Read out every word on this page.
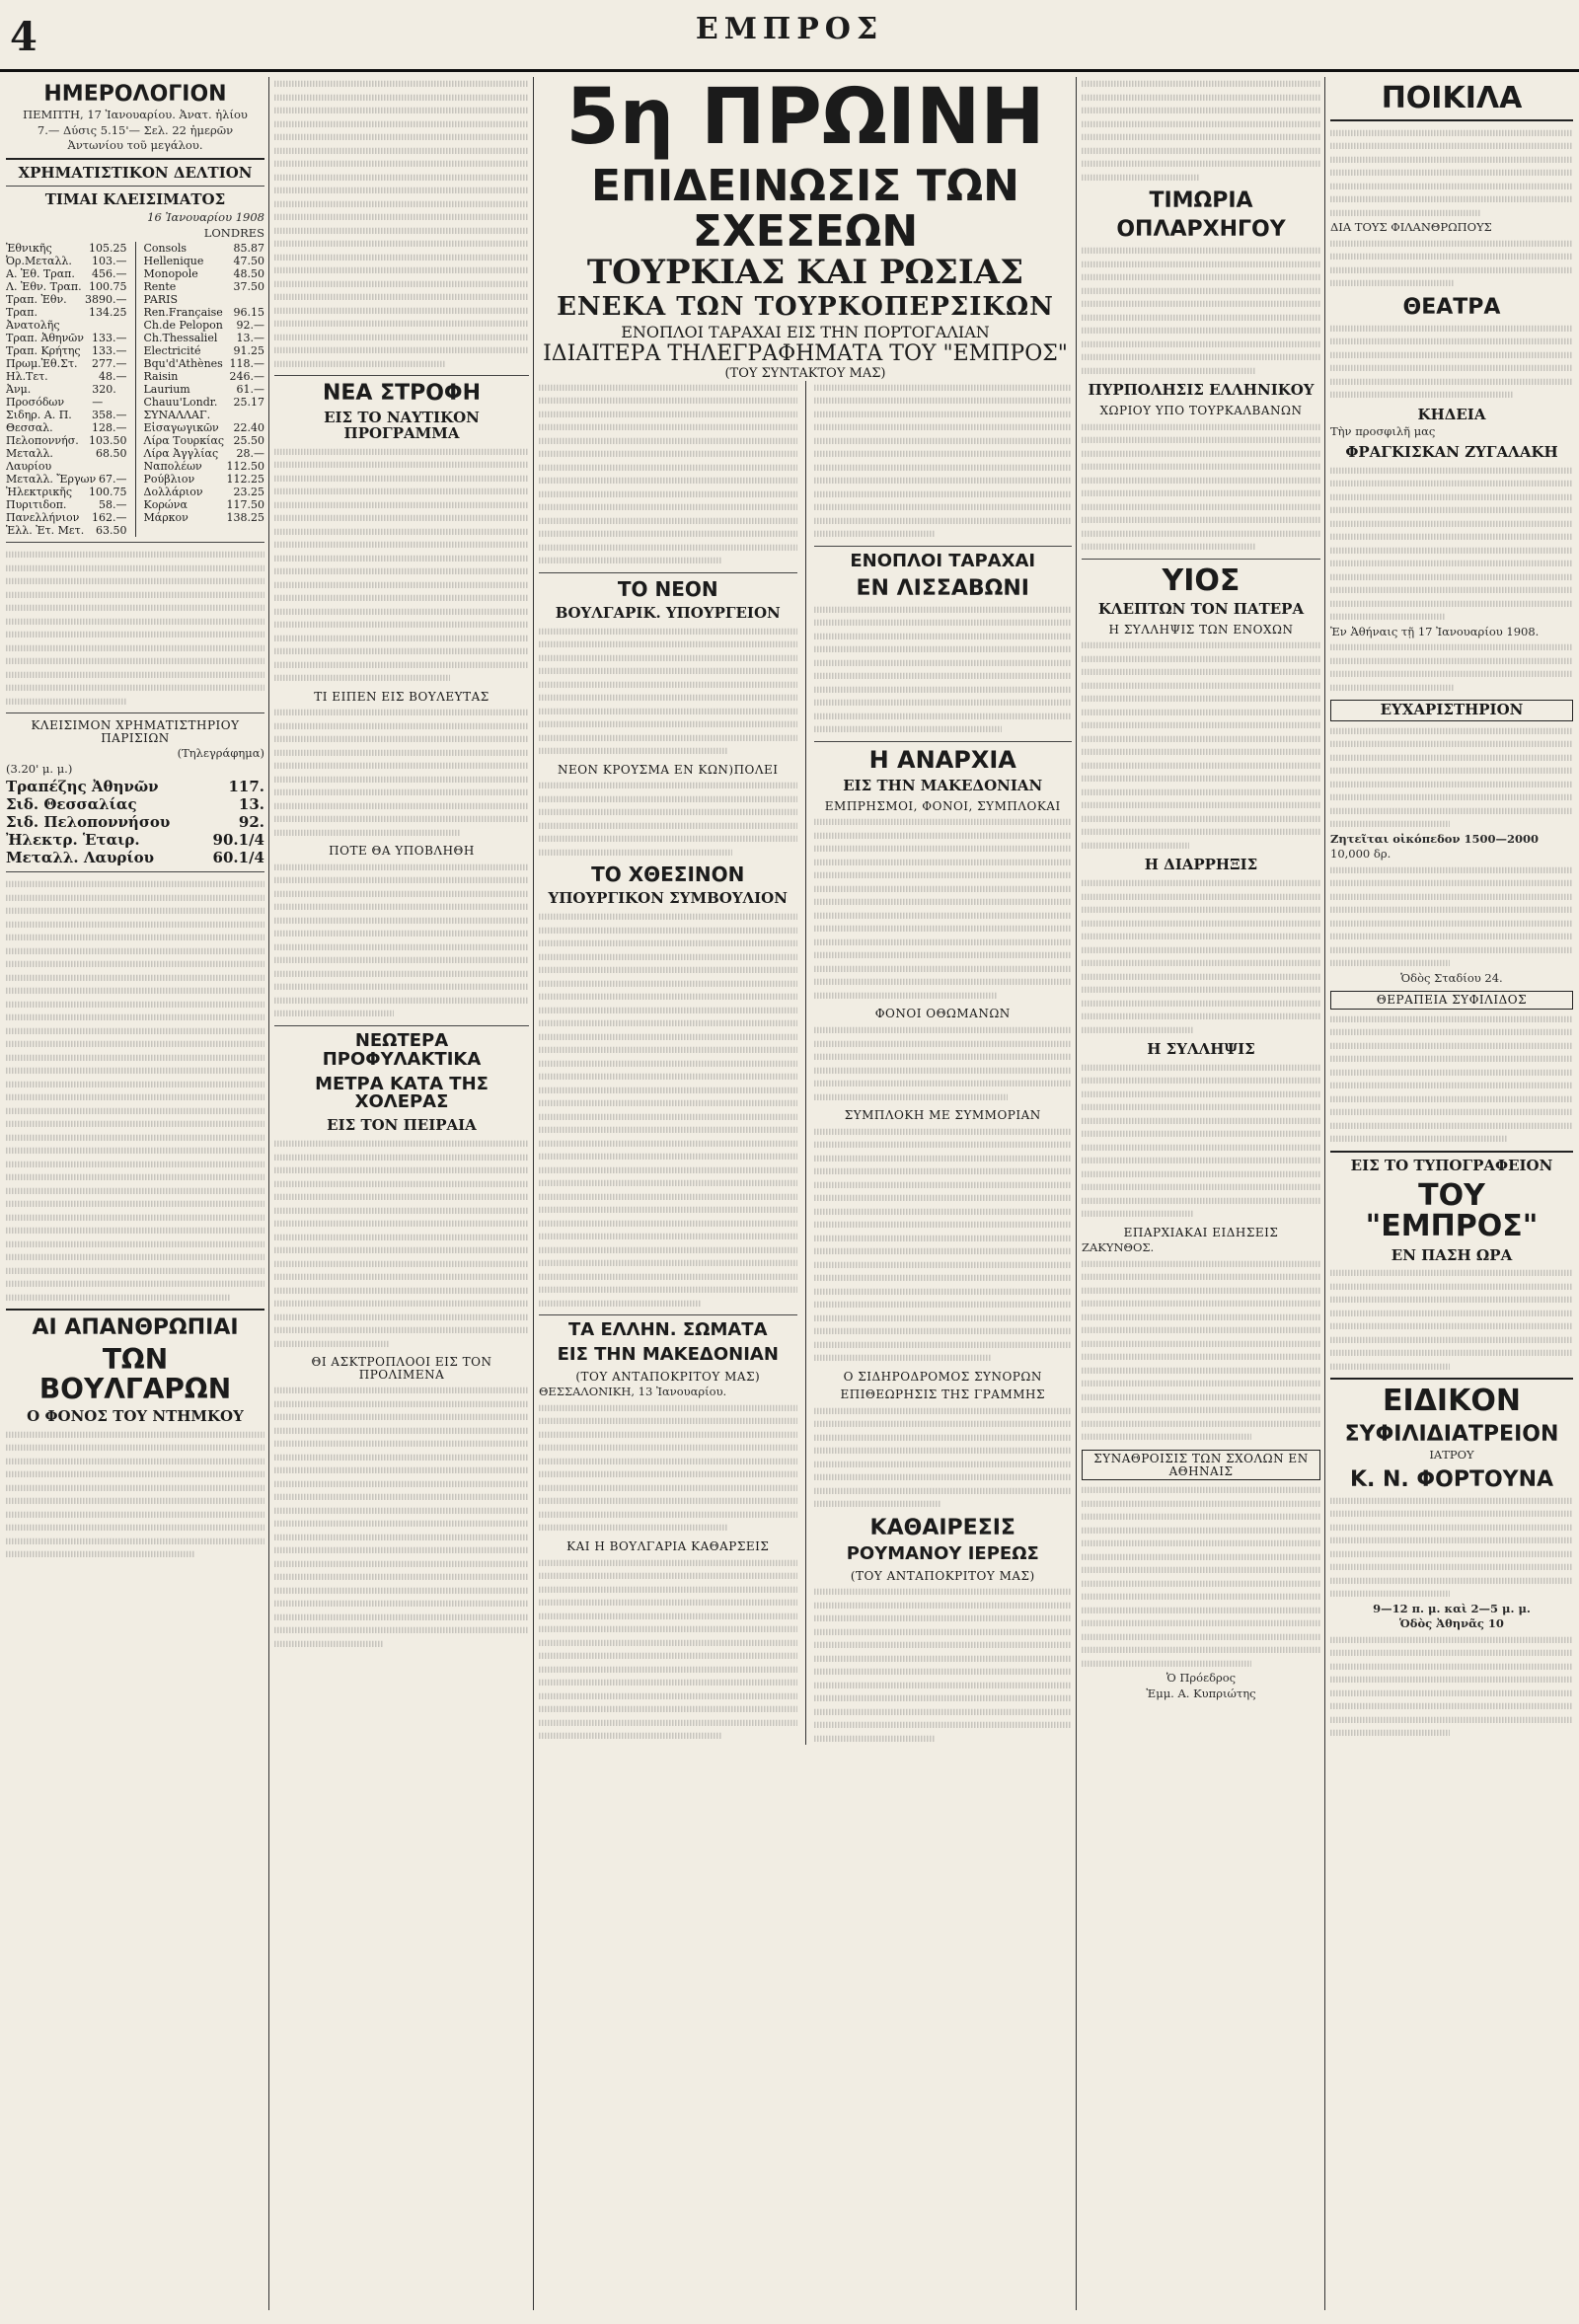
4	ΕΜΠΡΟΣ
ΗΜΕΡΟΛΟΓΙΟΝ
ΠΕΜΠΤΗ, 17 Ἰανουαρίου. Ἀνατ. ἡλίου
7.— Δύσις 5.15'— Σελ. 22 ἡμερῶν
Ἀντωνίου τοῦ μεγάλου.
ΧΡΗΜΑΤΙΣΤΙΚΟΝ ΔΕΛΤΙΟΝ
ΤΙΜΑΙ ΚΛΕΙΣΙΜΑΤΟΣ
16 Ἰανουαρίου 1908
LONDRES
Ἐθνικῆς	105.25
Ὀρ.Μεταλλ. 103.—
Α. Ἐθ. Τραπ. 456.—
Λ. Ἐθν. Τραπ. 100.75
Τραπ. Ἐθν. 3890.—
Τραπ. Ἀνατολῆς
134.25
Τραπ. Ἀθηνῶν 133.—
Τραπ. Κρήτης 133.—
Πρωμ.Ἐθ.Στ. 277.—
Ηλ.Τετ.	48.—
Ἀνμ. Προσόδων
320.—
Σιδηρ. Α. Π. 358.—
Θεσσαλ.	128.—
Πελοποννήσ. 103.50
Μεταλλ. Λαυρίου
68.50
Μεταλλ. Ἔργων 67.—
Ἠλεκτρικῆς 100.75
Πυριτιδοπ.	58.—
Πανελλήνιον 162.—
Ἑλλ. Ἐτ. Μετ. 63.50
Consols	85.87
Hellenique	47.50
Monopole	48.50
Rente	37.50
PARIS
Ren.Française 96.15
Ch.de Pelopon 92.—
Ch.Thessaliel 13.—
Electricité	91.25
Bqu'd'Athènes 118.—
Raisin	246.—
Laurium	61.—
Chauu'Londr. 25.17
ΣΥΝΑΛΛΑΓ.
Εἰσαγωγικῶν 22.40
Λίρα Τουρκίας 25.50
Λίρα Ἀγγλίας 28.—
Ναπολέων 112.50
Ρούβλιον	112.25
Δολλάριον	23.25
Κορώνα	117.50
Μάρκον	138.25
ΚΛΕΙΣΙΜΟΝ ΧΡΗΜΑΤΙΣΤΗΡΙΟΥ ΠΑΡΙΣΙΩΝ
(Τηλεγράφημα)
(3.20' μ. μ.)
Τραπέζης Ἀθηνῶν	117.
Σιδ. Θεσσαλίας	13.
Σιδ. Πελοποννήσου	92.
Ἠλεκτρ. Ἑταιρ.	90.1/4
Μεταλλ. Λαυρίου	60.1/4
ΑΙ ΑΠΑΝΘΡΩΠΙΑΙ
ΤΩΝ ΒΟΥΛΓΑΡΩΝ
Ο ΦΟΝΟΣ ΤΟΥ ΝΤΗΜΚΟΥ
ΝΕΑ ΣΤΡΟΦΗ
ΕΙΣ ΤΟ ΝΑΥΤΙΚΟΝ ΠΡΟΓΡΑΜΜΑ
ΤΙ ΕΙΠΕΝ ΕΙΣ ΒΟΥΛΕΥΤΑΣ
ΠΟΤΕ ΘΑ ΥΠΟΒΛΗΘΗ
ΝΕΩΤΕΡΑ ΠΡΟΦΥΛΑΚΤΙΚΑ
ΜΕΤΡΑ ΚΑΤΑ ΤΗΣ ΧΟΛΕΡΑΣ
ΕΙΣ ΤΟΝ ΠΕΙΡΑΙΑ
ΘΙ ΑΣΚΤΡΟΠΛΟΟΙ ΕΙΣ ΤΟΝ ΠΡΟΛΙΜΕΝΑ
5η ΠΡΩΙΝΗ
ΕΠΙΔΕΙΝΩΣΙΣ ΤΩΝ ΣΧΕΣΕΩΝ
ΤΟΥΡΚΙΑΣ ΚΑΙ ΡΩΣΙΑΣ
ΕΝΕΚΑ ΤΩΝ ΤΟΥΡΚΟΠΕΡΣΙΚΩΝ
ΕΝΟΠΛΟΙ ΤΑΡΑΧΑΙ ΕΙΣ ΤΗΝ ΠΟΡΤΟΓΑΛΙΑΝ
ΙΔΙΑΙΤΕΡΑ ΤΗΛΕΓΡΑΦΗΜΑΤΑ ΤΟΥ "ΕΜΠΡΟΣ"
(ΤΟΥ ΣΥΝΤΑΚΤΟΥ ΜΑΣ)
ΤΟ ΝΕΟΝ
ΒΟΥΛΓΑΡΙΚ. ΥΠΟΥΡΓΕΙΟΝ
ΝΕΟΝ ΚΡΟΥΣΜΑ ΕΝ ΚΩΝ)ΠΟΛΕΙ
ΤΟ ΧΘΕΣΙΝΟΝ
ΥΠΟΥΡΓΙΚΟΝ ΣΥΜΒΟΥΛΙΟΝ
ΤΑ ΕΛΛΗΝ. ΣΩΜΑΤΑ
ΕΙΣ ΤΗΝ ΜΑΚΕΔΟΝΙΑΝ
(ΤΟΥ ΑΝΤΑΠΟΚΡΙΤΟΥ ΜΑΣ)
ΘΕΣΣΑΛΟΝΙΚΗ, 13 Ἰανουαρίου.
ΚΑΙ Η ΒΟΥΛΓΑΡΙΑ ΚΑΘΑΡΣΕΙΣ
ΕΝΟΠΛΟΙ ΤΑΡΑΧΑΙ
ΕΝ ΛΙΣΣΑΒΩΝΙ
Η ΑΝΑΡΧΙΑ
ΕΙΣ ΤΗΝ ΜΑΚΕΔΟΝΙΑΝ
ΕΜΠΡΗΣΜΟΙ, ΦΟΝΟΙ, ΣΥΜΠΛΟΚΑΙ
ΦΟΝΟΙ ΟΘΩΜΑΝΩΝ
ΣΥΜΠΛΟΚΗ ΜΕ ΣΥΜΜΟΡΙΑΝ
Ο ΣΙΔΗΡΟΔΡΟΜΟΣ ΣΥΝΟΡΩΝ
ΕΠΙΘΕΩΡΗΣΙΣ ΤΗΣ ΓΡΑΜΜΗΣ
ΚΑΘΑΙΡΕΣΙΣ
ΡΟΥΜΑΝΟΥ ΙΕΡΕΩΣ
(ΤΟΥ ΑΝΤΑΠΟΚΡΙΤΟΥ ΜΑΣ)
ΤΙΜΩΡΙΑ
ΟΠΛΑΡΧΗΓΟΥ
ΠΥΡΠΟΛΗΣΙΣ ΕΛΛΗΝΙΚΟΥ
ΧΩΡΙΟΥ ΥΠΟ ΤΟΥΡΚΑΛΒΑΝΩΝ
ΥΙΟΣ
ΚΛΕΠΤΩΝ ΤΟΝ ΠΑΤΕΡΑ
Η ΣΥΛΛΗΨΙΣ ΤΩΝ ΕΝΟΧΩΝ
Η ΔΙΑΡΡΗΞΙΣ
Η ΣΥΛΛΗΨΙΣ
ΕΠΑΡΧΙΑΚΑΙ ΕΙΔΗΣΕΙΣ
ΖΑΚΥΝΘΟΣ.
ΣΥΝΑΘΡΟΙΣΙΣ ΤΩΝ ΣΧΟΛΩΝ ΕΝ ΑΘΗΝΑΙΣ
Ὁ Πρόεδρος
Ἐμμ. Α. Κυπριώτης
ΠΟΙΚΙΛΑ
ΔΙΑ ΤΟΥΣ ΦΙΛΑΝΘΡΩΠΟΥΣ
ΘΕΑΤΡΑ
ΚΗΔΕΙΑ
Τὴν προσφιλῆ μας
ΦΡΑΓΚΙΣΚΑΝ ΖΥΓΑΛΑΚΗ
Ἐν Ἀθήναις τῇ 17 Ἰανουαρίου 1908.
ΕΥΧΑΡΙΣΤΗΡΙΟΝ
Ζητεῖται οἰκόπεδον 1500—2000
10,000 δρ.
Ὁδὸς Σταδίου 24.
ΘΕΡΑΠΕΙΑ ΣΥΦΙΛΙΔΟΣ
ΕΙΣ ΤΟ ΤΥΠΟΓΡΑΦΕΙΟΝ
ΤΟΥ "ΕΜΠΡΟΣ"
ΕΝ ΠΑΣΗ ΩΡΑ
ΕΙΔΙΚΟΝ
ΣΥΦΙΛΙΔΙΑΤΡΕΙΟΝ
ΙΑΤΡΟΥ
Κ. Ν. ΦΟΡΤΟΥΝΑ
9—12 π. μ. καὶ 2—5 μ. μ.
Ὁδὸς Ἀθηνᾶς 10
